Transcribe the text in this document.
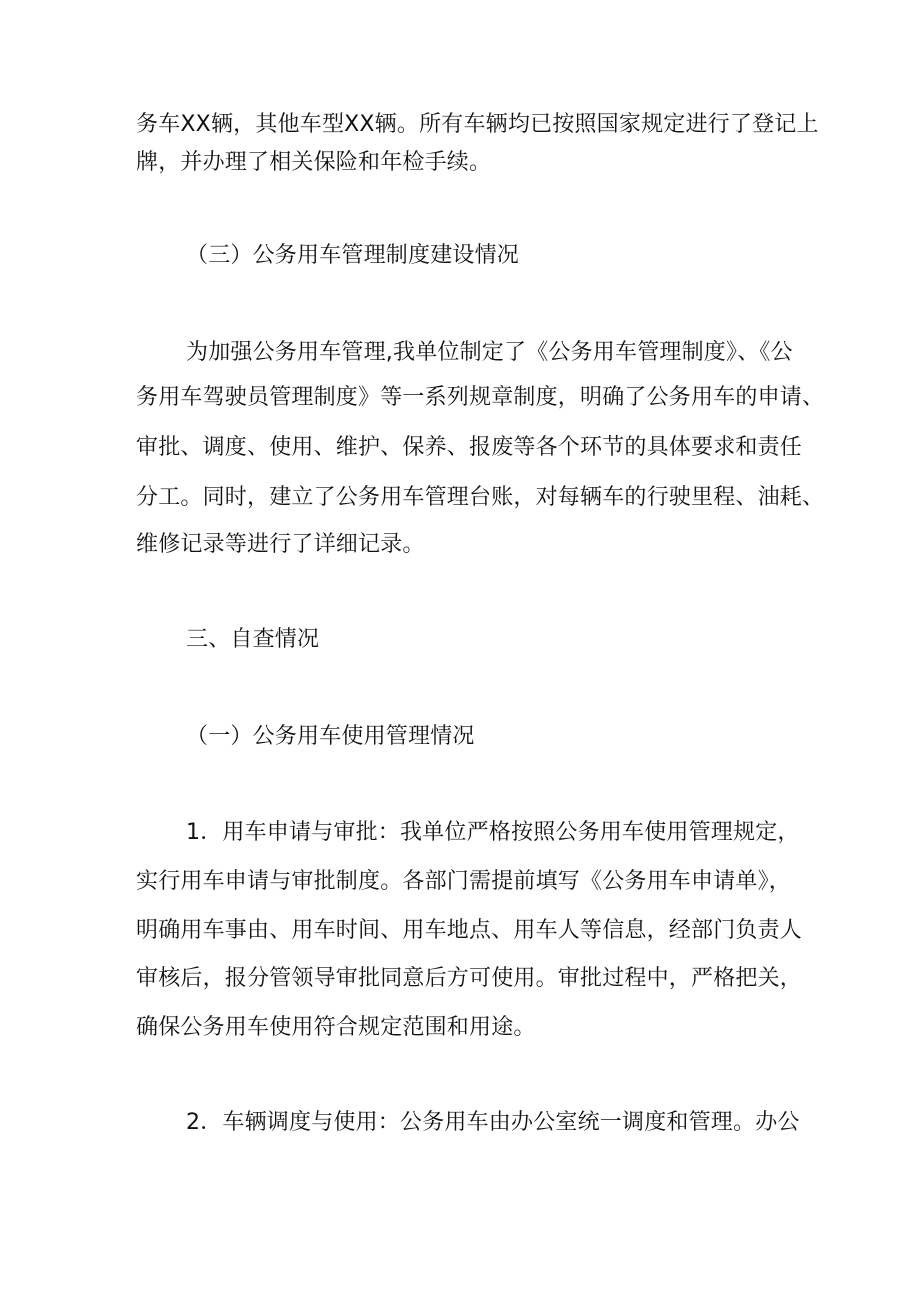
务车XX辆，其他车型XX辆。所有车辆均已按照国家规定进行了登记上
牌，并办理了相关保险和年检手续。
（三）公务用车管理制度建设情况
为加强公务用车管理,我单位制定了《公务用车管理制度》、《公
务用车驾驶员管理制度》等一系列规章制度，明确了公务用车的申请、
审批、调度、使用、维护、保养、报废等各个环节的具体要求和责任
分工。同时，建立了公务用车管理台账，对每辆车的行驶里程、油耗、
维修记录等进行了详细记录。
三、自查情况
（一）公务用车使用管理情况
1．用车申请与审批：我单位严格按照公务用车使用管理规定，
实行用车申请与审批制度。各部门需提前填写《公务用车申请单》，
明确用车事由、用车时间、用车地点、用车人等信息，经部门负责人
审核后，报分管领导审批同意后方可使用。审批过程中，严格把关，
确保公务用车使用符合规定范围和用途。
2．车辆调度与使用：公务用车由办公室统一调度和管理。办公
